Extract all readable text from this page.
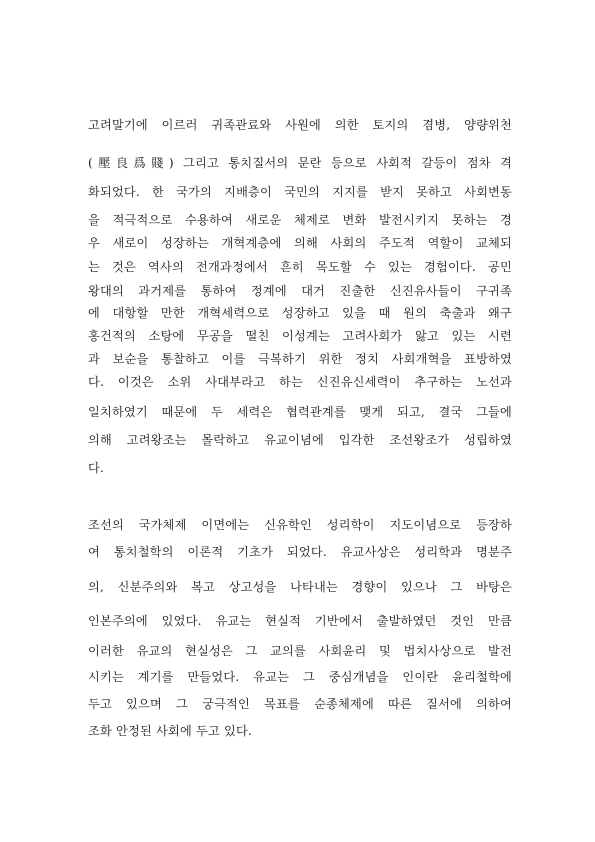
고려말기에 이르러 귀족관료와 사원에 의한 토지의 겸병, 양량위천
(壓良爲賤) 그리고 통치질서의 문란 등으로 사회적 갈등이 점차 격
화되었다. 한 국가의 지배층이 국민의 지지를 받지 못하고 사회변동
을 적극적으로 수용하여 새로운 체제로 변화 발전시키지 못하는 경
우 새로이 성장하는 개혁계층에 의해 사회의 주도적 역할이 교체되
는 것은 역사의 전개과정에서 흔히 목도할 수 있는 경험이다. 공민
왕대의 과거제를 통하여 정계에 대거 진출한 신진유사들이 구귀족
에 대항할 만한 개혁세력으로 성장하고 있을 때 원의 축출과 왜구
홍건적의 소탕에 무공을 떨친 이성계는 고려사회가 앓고 있는 시련
과 보순을 통찰하고 이를 극복하기 위한 정치 사회개혁을 표방하였
다. 이것은 소위 사대부라고 하는 신진유신세력이 추구하는 노선과
일치하였기 때문에 두 세력은 협력관계를 맺게 되고, 결국 그들에
의해 고려왕조는 몰락하고 유교이념에 입각한 조선왕조가 성립하였
다.
조선의 국가체제 이면에는 신유학인 성리학이 지도이념으로 등장하
여 통치철학의 이론적 기초가 되었다. 유교사상은 성리학과 명분주
의, 신분주의와 복고 상고성을 나타내는 경향이 있으나 그 바탕은
인본주의에 있었다. 유교는 현실적 기반에서 출발하였던 것인 만큼
이러한 유교의 현실성은 그 교의를 사회윤리 및 법치사상으로 발전
시키는 계기를 만들었다. 유교는 그 중심개념을 인이란 윤리철학에
두고 있으며 그 궁극적인 목표를 순종체제에 따른 질서에 의하여
조화 안정된 사회에 두고 있다.
